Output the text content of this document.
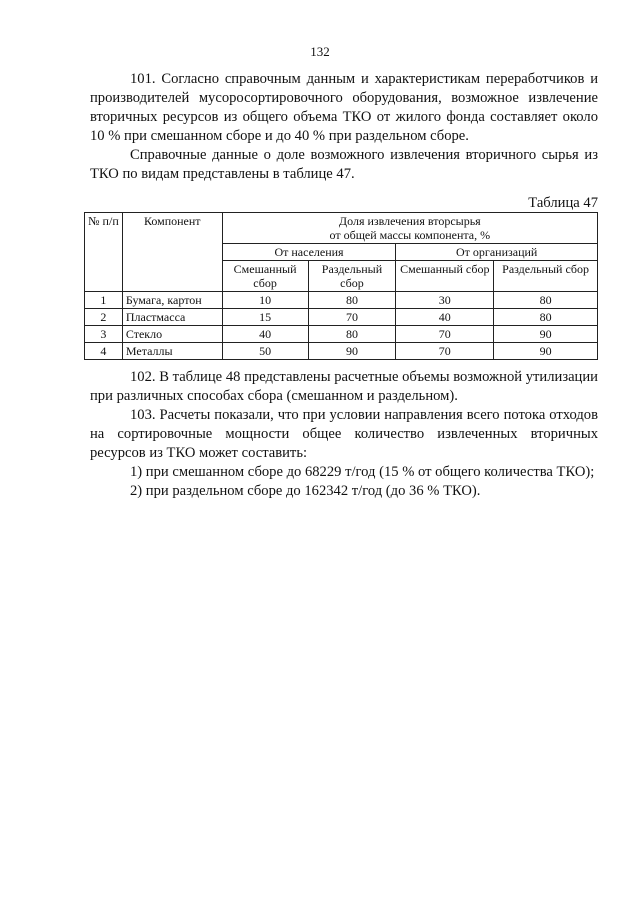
132

101. Согласно справочным данным и характеристикам переработчиков и производителей мусоросортировочного оборудования, возможное извлечение вторичных ресурсов из общего объема ТКО от жилого фонда составляет около 10 % при смешанном сборе и до 40 % при раздельном сборе.

Справочные данные о доле возможного извлечения вторичного сырья из ТКО по видам представлены в таблице 47.

Таблица 47
№ п/п	Компонент	Доля извлечения вторсырья
от общей массы компонента, %			

		От населения		От организаций	
		Смешанный сбор	Раздельный сбор	Смешанный сбор	Раздельный сбор
1	Бумага, картон	10	80	30	80
2	Пластмасса	15	70	40	80
3	Стекло	40	80	70	90
4	Металлы	50	90	70	90

102. В таблице 48 представлены расчетные объемы возможной утилизации при различных способах сбора (смешанном и раздельном).

103. Расчеты показали, что при условии направления всего потока отходов на сортировочные мощности общее количество извлеченных вторичных ресурсов из ТКО может составить:

1) при смешанном сборе до 68229 т/год (15 % от общего количества ТКО);

2) при раздельном сборе до 162342 т/год (до 36 % ТКО).
